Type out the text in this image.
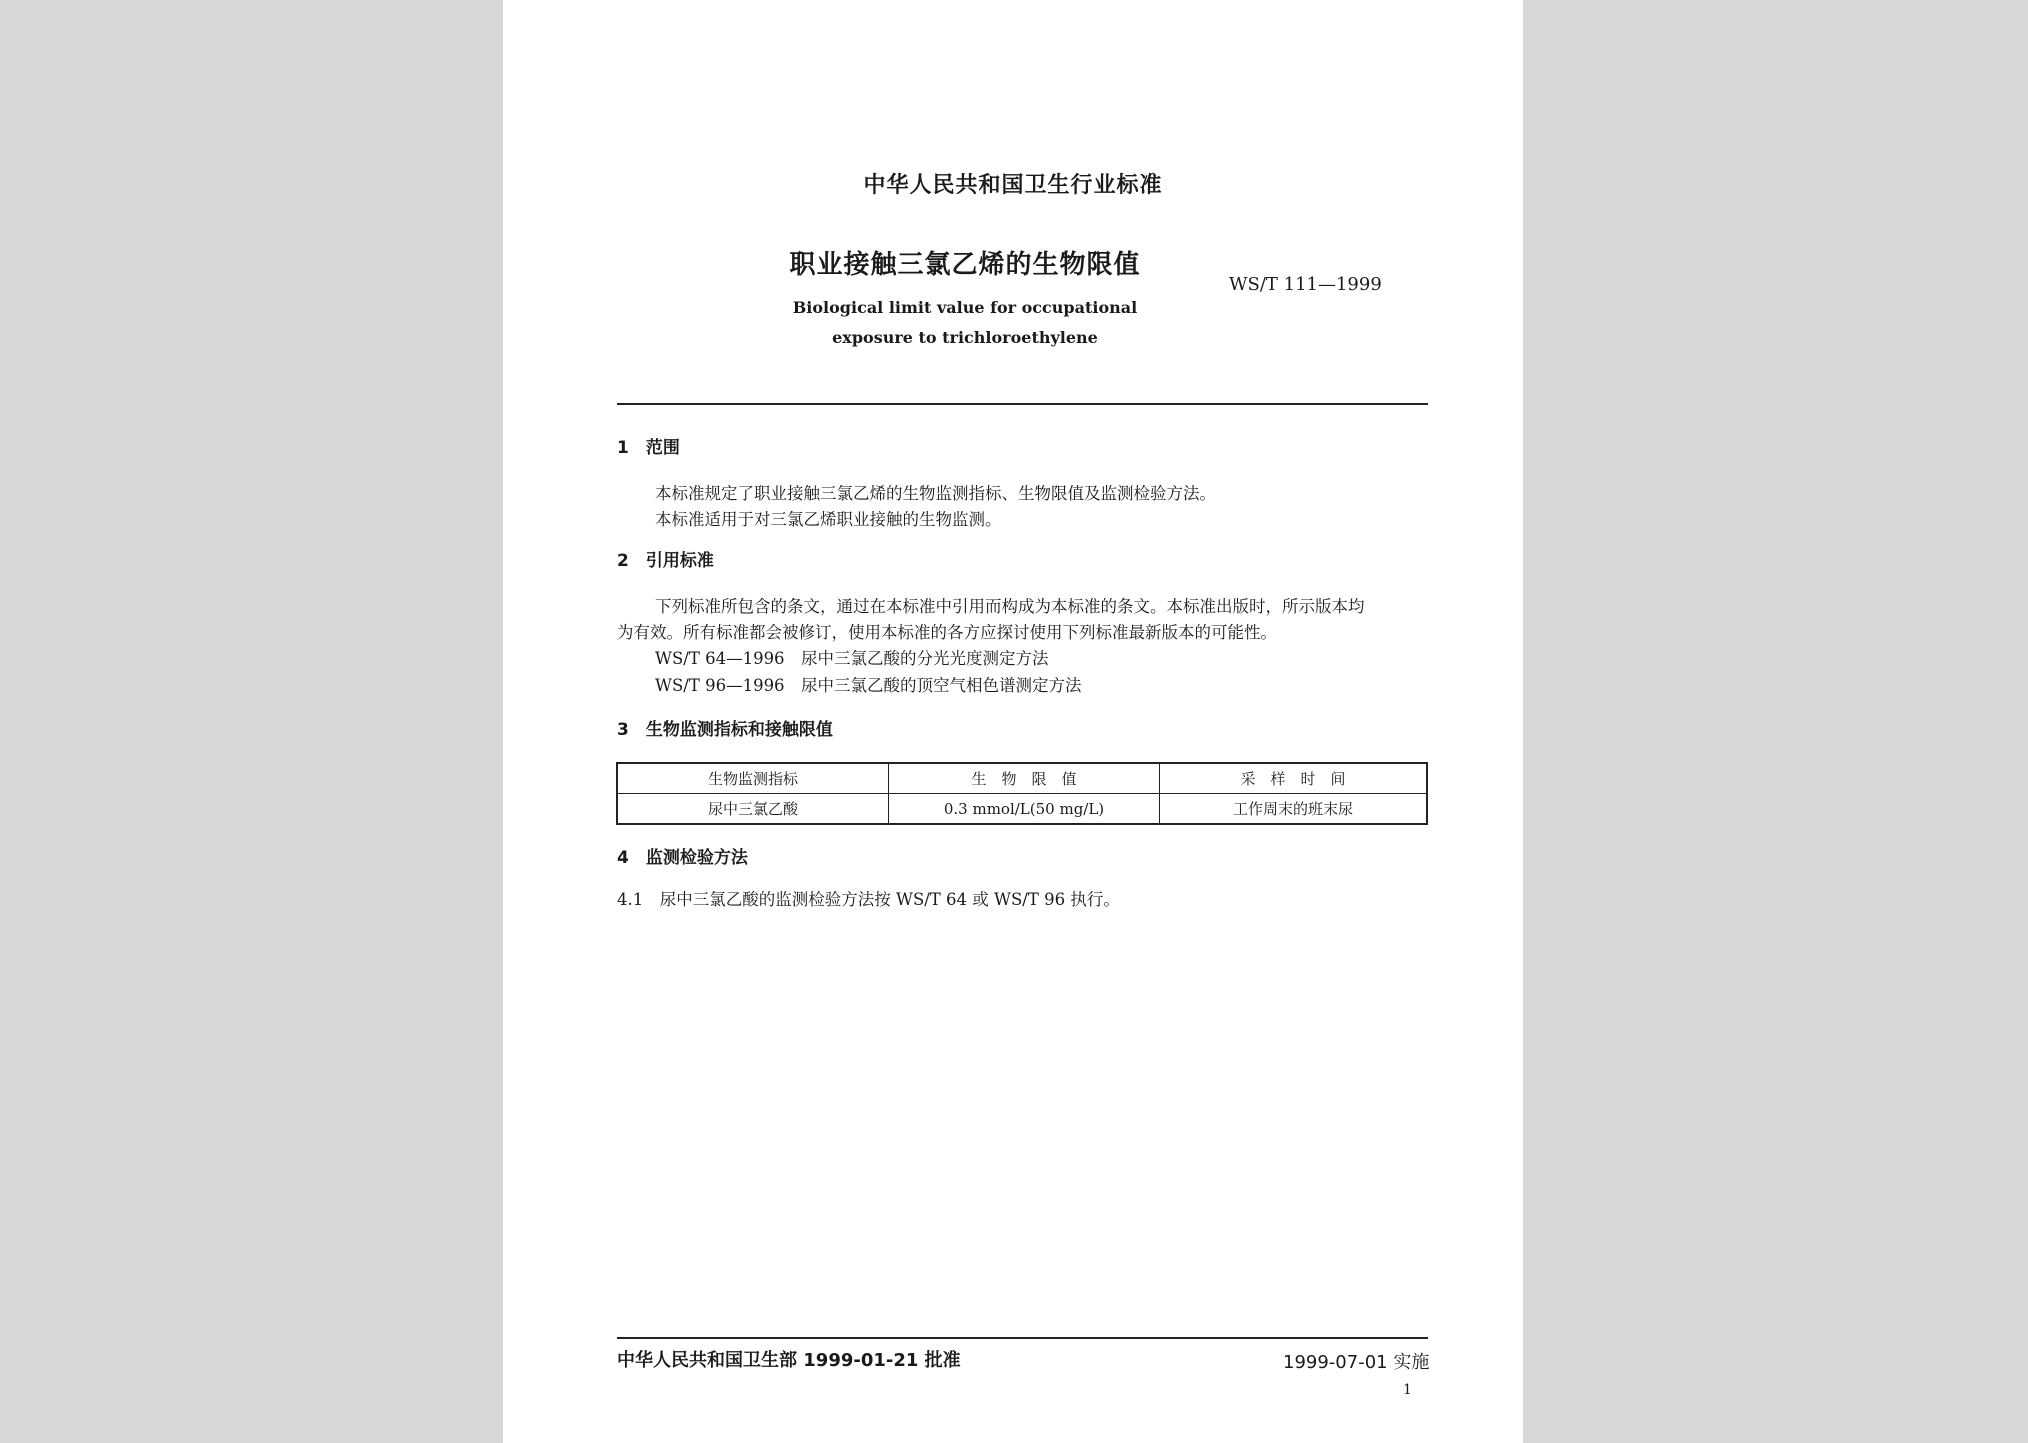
中华人民共和国卫生行业标准
职业接触三氯乙烯的生物限值
WS/T 111—1999
Biological limit value for occupational
exposure to trichloroethylene
1　范围
本标准规定了职业接触三氯乙烯的生物监测指标、生物限值及监测检验方法。
本标准适用于对三氯乙烯职业接触的生物监测。
2　引用标准
下列标准所包含的条文，通过在本标准中引用而构成为本标准的条文。本标准出版时，所示版本均
为有效。所有标准都会被修订，使用本标准的各方应探讨使用下列标准最新版本的可能性。
WS/T 64—1996　尿中三氯乙酸的分光光度测定方法
WS/T 96—1996　尿中三氯乙酸的顶空气相色谱测定方法
3　生物监测指标和接触限值
生物监测指标	生　物　限　值	采　样　时　间
尿中三氯乙酸	0.3 mmol/L(50 mg/L)	工作周末的班末尿
4　监测检验方法
4.1　尿中三氯乙酸的监测检验方法按 WS/T 64 或 WS/T 96 执行。
中华人民共和国卫生部 1999-01-21 批准	1999-07-01 实施
1
